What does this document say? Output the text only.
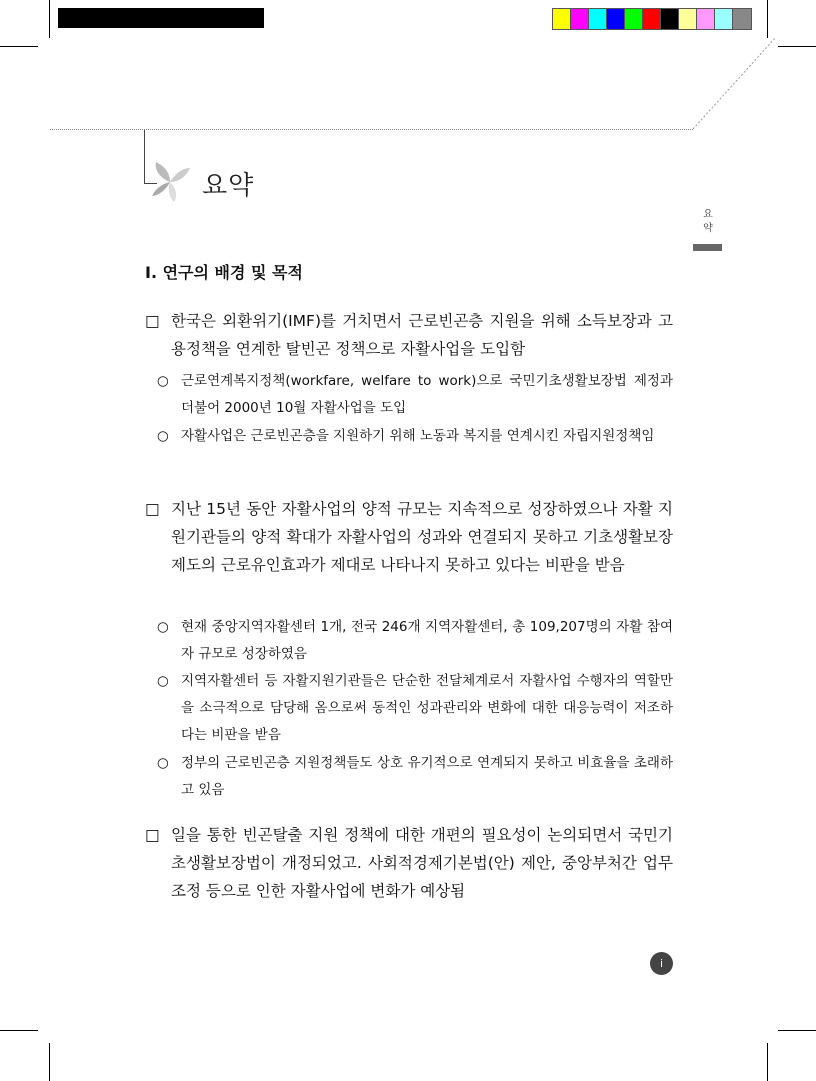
요약
요
약
Ⅰ. 연구의 배경 및 목적
□ 한국은 외환위기(IMF)를 거치면서 근로빈곤층 지원을 위해 소득보장과 고용정책을 연계한 탈빈곤 정책으로 자활사업을 도입함
○ 근로연계복지정책(workfare, welfare to work)으로 국민기초생활보장법 제정과 더불어 2000년 10월 자활사업을 도입
○ 자활사업은 근로빈곤층을 지원하기 위해 노동과 복지를 연계시킨 자립지원정책임
□ 지난 15년 동안 자활사업의 양적 규모는 지속적으로 성장하였으나 자활 지원기관들의 양적 확대가 자활사업의 성과와 연결되지 못하고 기초생활보장제도의 근로유인효과가 제대로 나타나지 못하고 있다는 비판을 받음
○ 현재 중앙지역자활센터 1개, 전국 246개 지역자활센터, 총 109,207명의 자활 참여자 규모로 성장하였음
○ 지역자활센터 등 자활지원기관들은 단순한 전달체계로서 자활사업 수행자의 역할만을 소극적으로 담당해 옴으로써 동적인 성과관리와 변화에 대한 대응능력이 저조하다는 비판을 받음
○ 정부의 근로빈곤층 지원정책들도 상호 유기적으로 연계되지 못하고 비효율을 초래하고 있음
□ 일을 통한 빈곤탈출 지원 정책에 대한 개편의 필요성이 논의되면서 국민기초생활보장법이 개정되었고. 사회적경제기본법(안) 제안, 중앙부처간 업무조정 등으로 인한 자활사업에 변화가 예상됨
i
